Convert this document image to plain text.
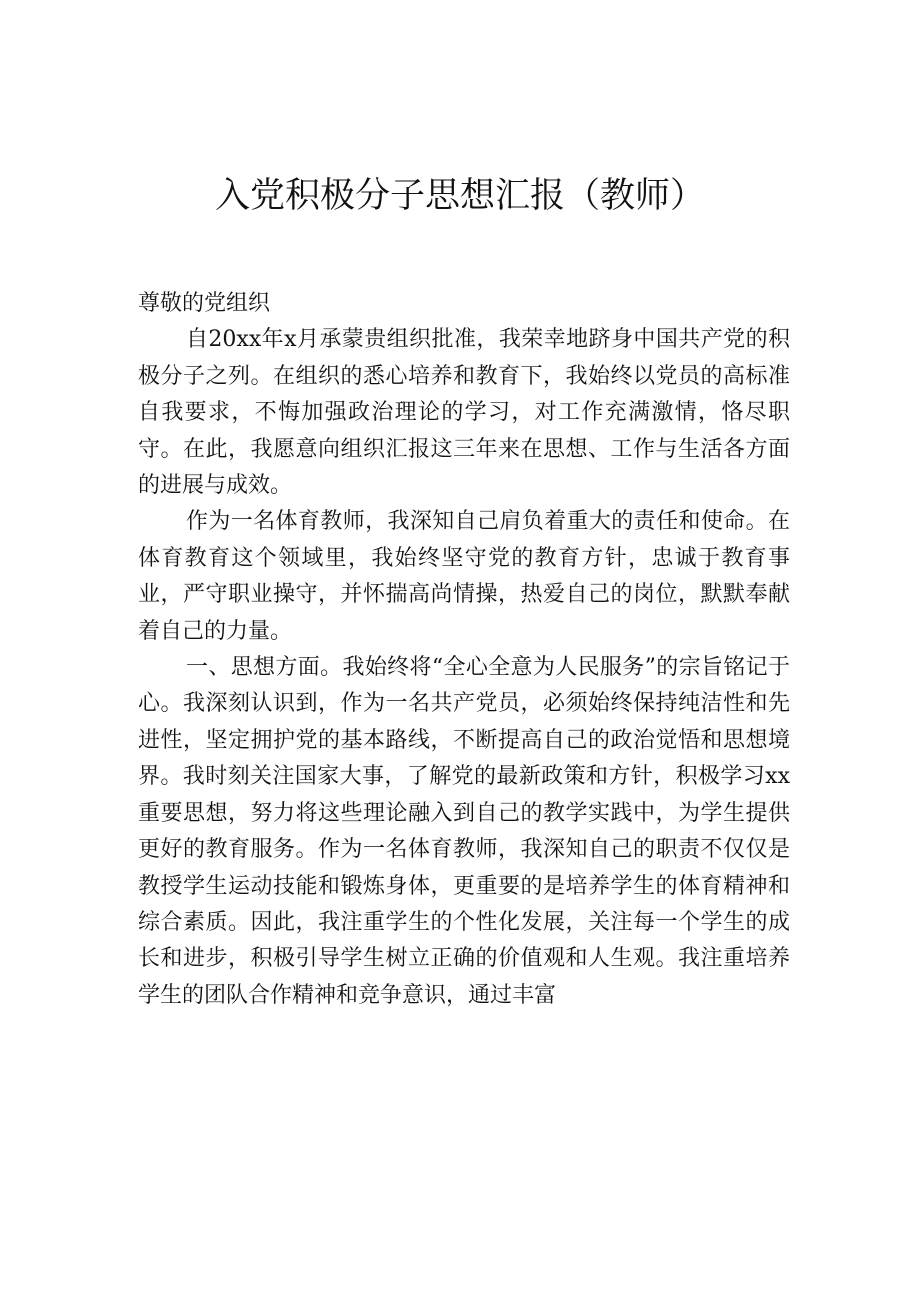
入党积极分子思想汇报（教师）

尊敬的党组织

自20xx年x月承蒙贵组织批准，我荣幸地跻身中国共产党的积极分子之列。在组织的悉心培养和教育下，我始终以党员的高标准自我要求，不悔加强政治理论的学习，对工作充满激情，恪尽职守。在此，我愿意向组织汇报这三年来在思想、工作与生活各方面的进展与成效。

作为一名体育教师，我深知自己肩负着重大的责任和使命。在体育教育这个领域里，我始终坚守党的教育方针，忠诚于教育事业，严守职业操守，并怀揣高尚情操，热爱自己的岗位，默默奉献着自己的力量。

一、思想方面。我始终将“全心全意为人民服务”的宗旨铭记于心。我深刻认识到，作为一名共产党员，必须始终保持纯洁性和先进性，坚定拥护党的基本路线，不断提高自己的政治觉悟和思想境界。我时刻关注国家大事，了解党的最新政策和方针，积极学习xx重要思想，努力将这些理论融入到自己的教学实践中，为学生提供更好的教育服务。作为一名体育教师，我深知自己的职责不仅仅是教授学生运动技能和锻炼身体，更重要的是培养学生的体育精神和综合素质。因此，我注重学生的个性化发展，关注每一个学生的成长和进步，积极引导学生树立正确的价值观和人生观。我注重培养学生的团队合作精神和竞争意识，通过丰富
